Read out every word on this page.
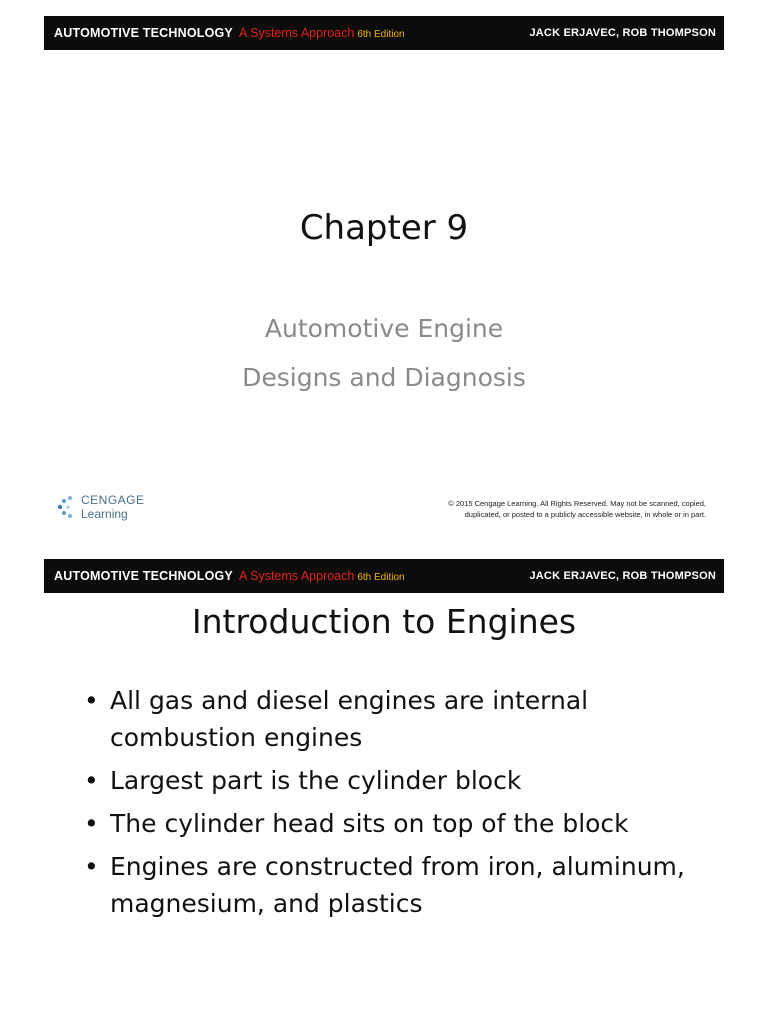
AUTOMOTIVE TECHNOLOGY A Systems Approach 6th Edition	JACK ERJAVEC, ROB THOMPSON
Chapter 9
Automotive Engine
Designs and Diagnosis
CENGAGE
Learning
© 2015 Cengage Learning. All Rights Reserved. May not be scanned, copied,
duplicated, or posted to a publicly accessible website, in whole or in part.
AUTOMOTIVE TECHNOLOGY A Systems Approach 6th Edition	JACK ERJAVEC, ROB THOMPSON
Introduction to Engines
• All gas and diesel engines are internal combustion engines
• Largest part is the cylinder block
• The cylinder head sits on top of the block
• Engines are constructed from iron, aluminum, magnesium, and plastics
